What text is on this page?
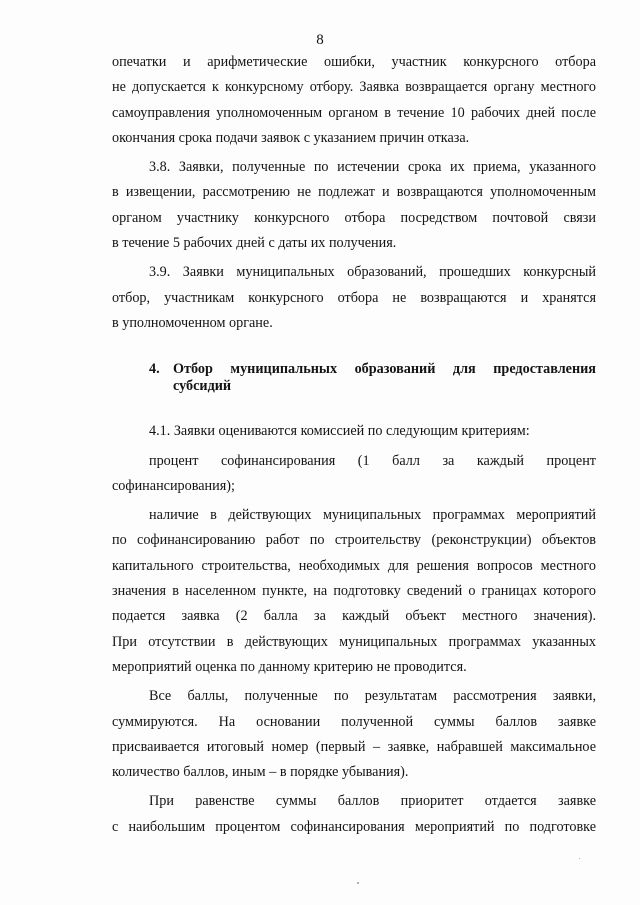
8

опечатки и арифметические ошибки, участник конкурсного отбора
не допускается к конкурсному отбору. Заявка возвращается органу местного
самоуправления уполномоченным органом в течение 10 рабочих дней после
окончания срока подачи заявок с указанием причин отказа.

3.8. Заявки, полученные по истечении срока их приема, указанного
в извещении, рассмотрению не подлежат и возвращаются уполномоченным
органом участнику конкурсного отбора посредством почтовой связи
в течение 5 рабочих дней с даты их получения.

3.9. Заявки муниципальных образований, прошедших конкурсный
отбор, участникам конкурсного отбора не возвращаются и хранятся
в уполномоченном органе.

4. Отбор муниципальных образований для предоставления
субсидий

4.1. Заявки оцениваются комиссией по следующим критериям:

процент софинансирования (1 балл за каждый процент
софинансирования);

наличие в действующих муниципальных программах мероприятий
по софинансированию работ по строительству (реконструкции) объектов
капитального строительства, необходимых для решения вопросов местного
значения в населенном пункте, на подготовку сведений о границах которого
подается заявка (2 балла за каждый объект местного значения).
При отсутствии в действующих муниципальных программах указанных
мероприятий оценка по данному критерию не проводится.

Все баллы, полученные по результатам рассмотрения заявки,
суммируются. На основании полученной суммы баллов заявке
присваивается итоговый номер (первый – заявке, набравшей максимальное
количество баллов, иным – в порядке убывания).

При равенстве суммы баллов приоритет отдается заявке
с наибольшим процентом софинансирования мероприятий по подготовке
